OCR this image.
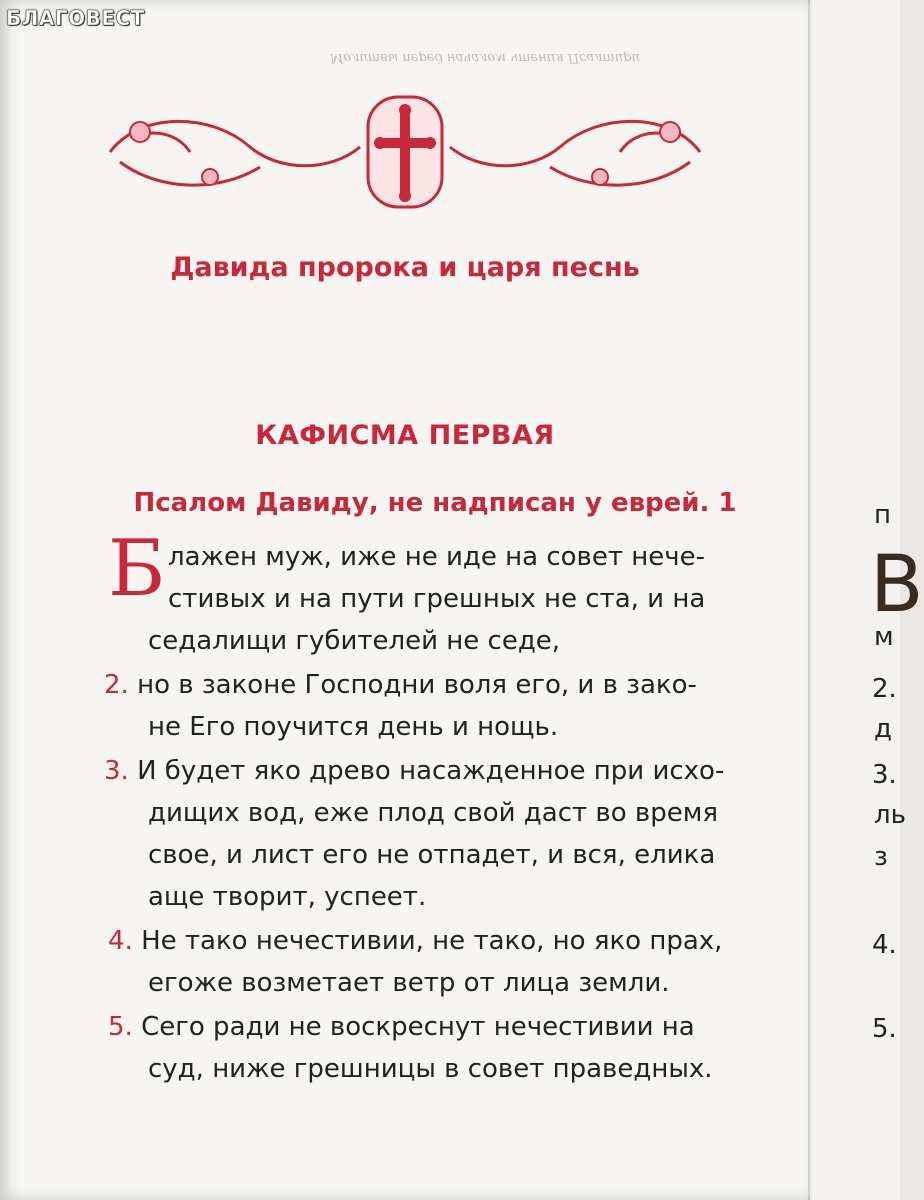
Молитвы перед началом чтения Псалтири
Давида пророка и царя песнь
КАФИСМА ПЕРВАЯ
Псалом Давиду, не надписан у еврей. 1
Б лажен муж, иже не иде на совет нече-
стивых и на пути грешных не ста, и на
седалищи губителей не седе,
2. но в законе Господни воля его, и в зако-
не Его поучится день и нощь.
3. И будет яко древо насажденное при исхо-
дищих вод, еже плод свой даст во время
свое, и лист его не отпадет, и вся, елика
аще творит, успеет.
4. Не тако нечестивии, не тако, но яко прах,
егоже возметает ветр от лица земли.
5. Сего ради не воскреснут нечестивии на
суд, ниже грешницы в совет праведных.
п
В
м
2.
д
3.
ль
з
4.
5.
БЛАГОВЕСТ
